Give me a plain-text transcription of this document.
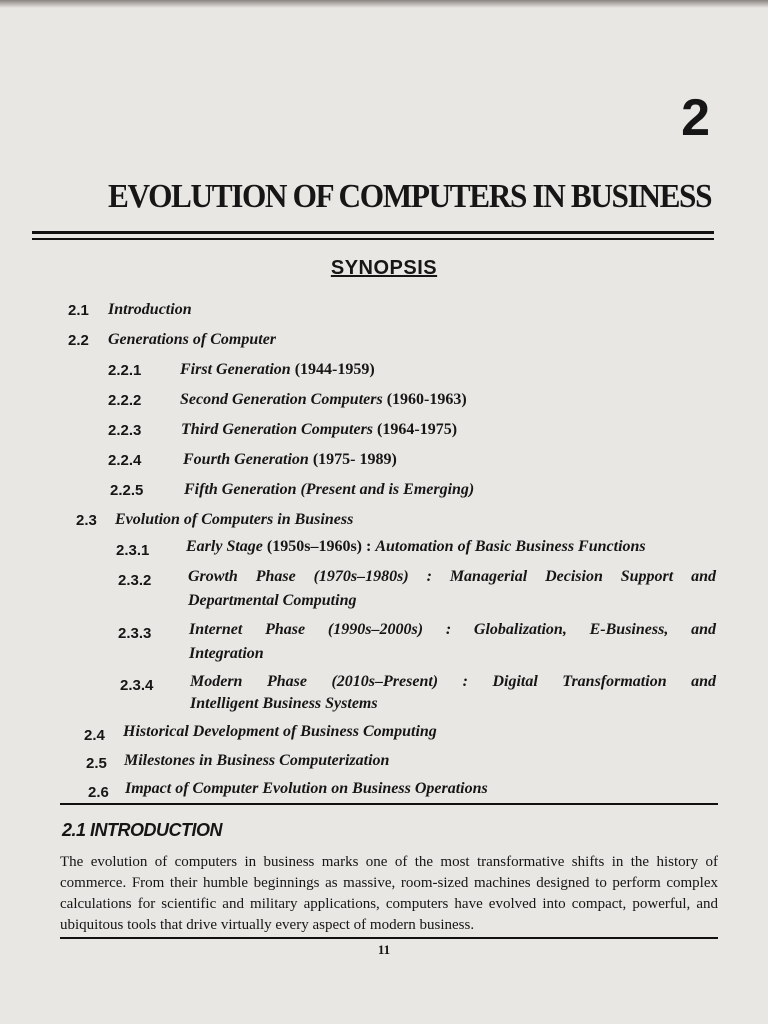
2
EVOLUTION OF COMPUTERS IN BUSINESS
SYNOPSIS
2.1 Introduction
2.2 Generations of Computer
2.2.1 First Generation (1944-1959)
2.2.2 Second Generation Computers (1960-1963)
2.2.3 Third Generation Computers (1964-1975)
2.2.4	Fourth Generation (1975- 1989)
2.2.5	Fifth Generation (Present and is Emerging)
2.3 Evolution of Computers in Business
2.3.1 Early Stage (1950s–1960s) : Automation of Basic Business Functions
2.3.2 Growth Phase (1970s–1980s) : Managerial Decision Support and
Departmental Computing
2.3.3 Internet Phase (1990s–2000s) : Globalization, E-Business, and
Integration
2.3.4 Modern Phase (2010s–Present) : Digital Transformation and
Intelligent Business Systems
2.4 Historical Development of Business Computing
2.5 Milestones in Business Computerization
2.6 Impact of Computer Evolution on Business Operations
2.1 INTRODUCTION
The evolution of computers in business marks one of the most transformative shifts in the history of commerce. From their humble beginnings as massive, room-sized machines designed to perform complex calculations for scientific and military applications, computers have evolved into compact, powerful, and ubiquitous tools that drive virtually every aspect of modern business.
11
